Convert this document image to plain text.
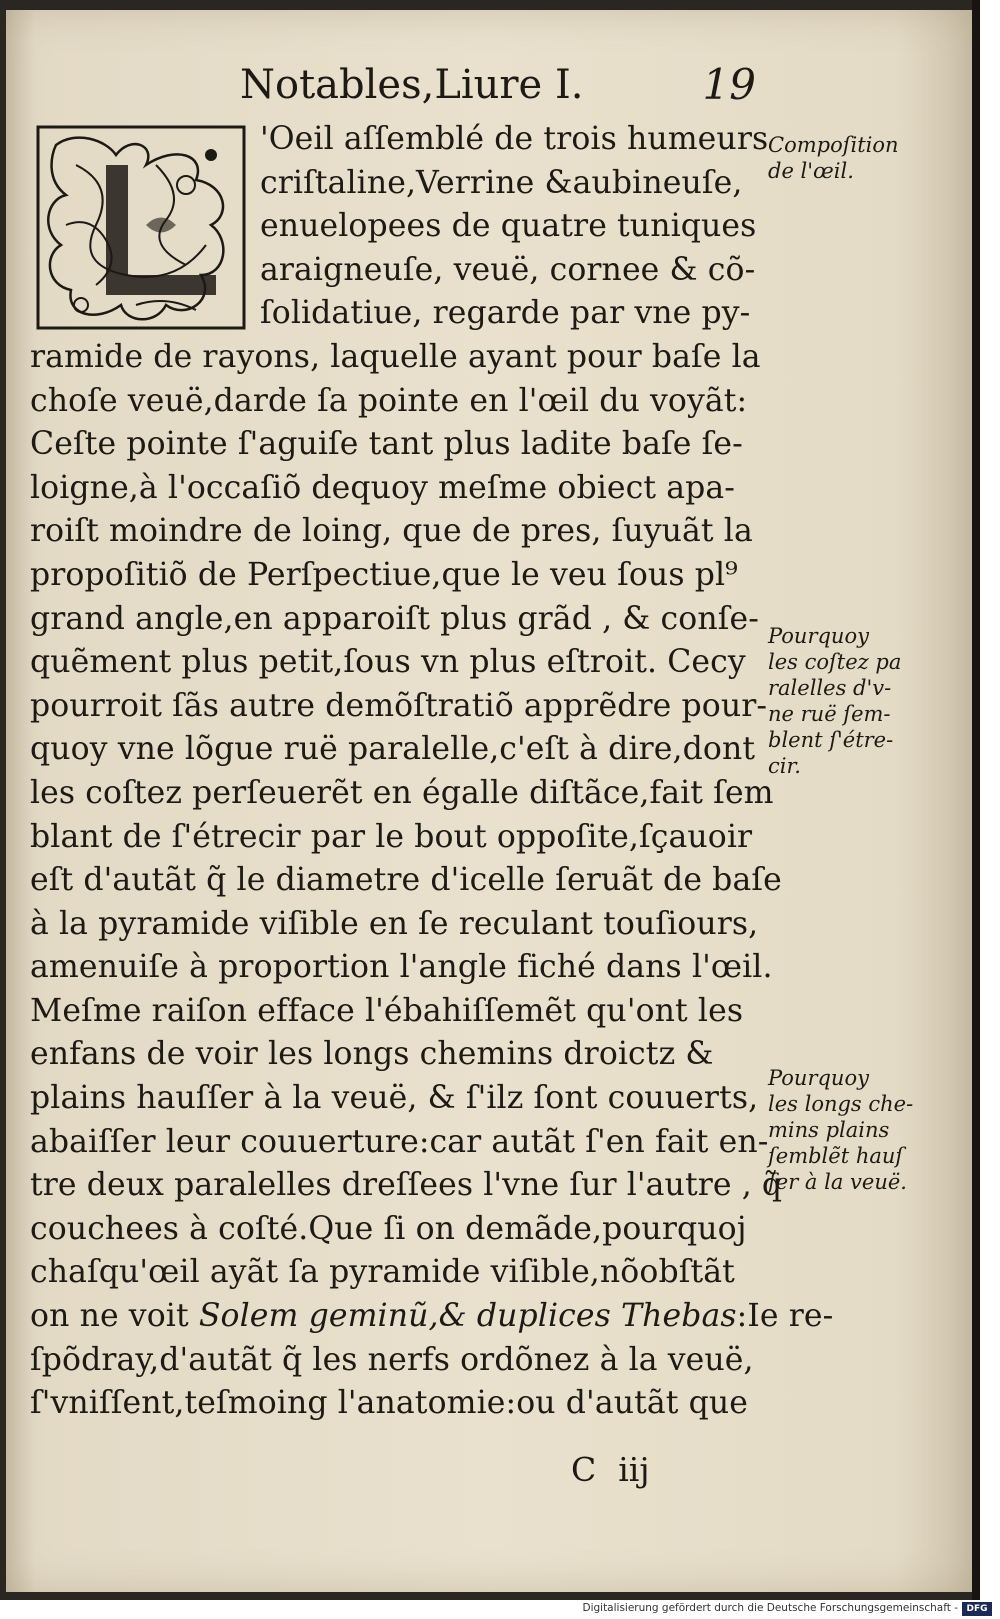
Notables,Liure I.	19
'Oeil aſſemblé de trois humeurs
criſtaline,Verrine &aubineuſe,
enuelopees de quatre tuniques
araigneuſe, veuë, cornee & cõ-
ſolidatiue, regarde par vne py-
ramide de rayons, laquelle ayant pour baſe la
choſe veuë,darde ſa pointe en l'œil du voyãt:
Ceſte pointe ſ'aguiſe tant plus ladite baſe ſe-
loigne,à l'occaſiõ dequoy meſme obiect apa-
roiſt moindre de loing, que de pres, ſuyuãt la
propoſitiõ de Perſpectiue,que le veu ſous pl⁹
grand angle,en apparoiſt plus grãd , & conſe-
quẽment plus petit,ſous vn plus eſtroit. Cecy
pourroit ſãs autre demõſtratiõ apprẽdre pour-
quoy vne lõgue ruë paralelle,c'eſt à dire,dont
les coſtez perſeuerẽt en égalle diſtãce,fait ſem
blant de ſ'étrecir par le bout oppoſite,ſçauoir
eſt d'autãt q̃ le diametre d'icelle ſeruãt de baſe
à la pyramide viſible en ſe reculant touſiours,
amenuiſe à proportion l'angle fiché dans l'œil.
Meſme raiſon efface l'ébahiſſemẽt qu'ont les
enfans de voir les longs chemins droictz &
plains hauſſer à la veuë, & ſ'ilz ſont couuerts,
abaiſſer leur couuerture:car autãt ſ'en fait en-
tre deux paralelles dreſſees l'vne ſur l'autre , q̃
couchees à coſté.Que ſi on demãde,pourquoj
chaſqu'œil ayãt ſa pyramide viſible,nõobſtãt
on ne voit Solem geminũ,& duplices Thebas:Ie re-
ſpõdray,d'autãt q̃ les nerfs ordõnez à la veuë,
ſ'vniſſent,teſmoing l'anatomie:ou d'autãt que
C iij
Compoſition
de l'œil.
Pourquoy
les coſtez pa
ralelles d'v-
ne ruë ſem-
blent ſ'étre-
cir.
Pourquoy
les longs che-
mins plains
ſemblẽt hauſ
ſer à la veuë.
Digitalisierung gefördert durch die Deutsche Forschungsgemeinschaft - DFG
